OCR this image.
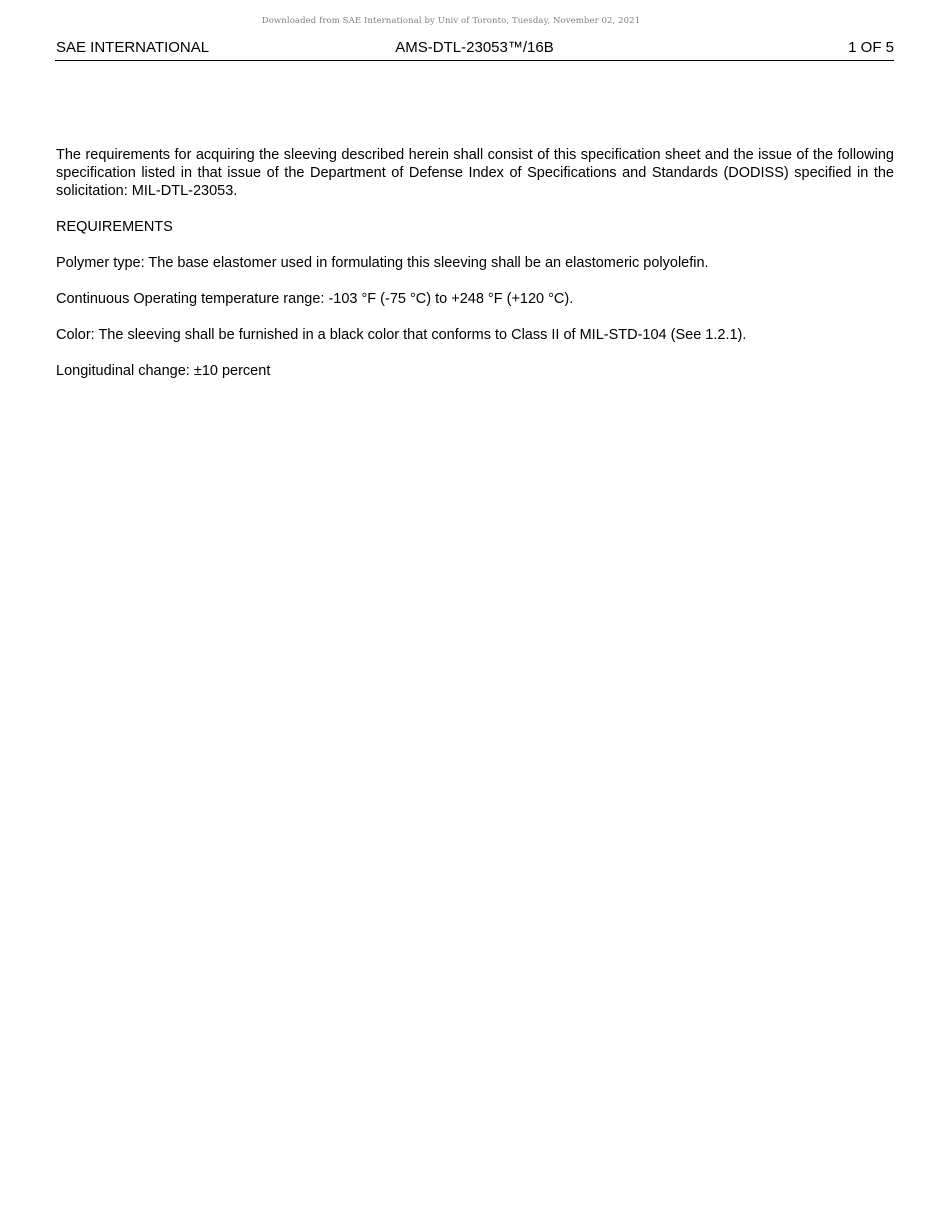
Downloaded from SAE International by Univ of Toronto, Tuesday, November 02, 2021
SAE INTERNATIONAL	AMS-DTL-23053™/16B	1 OF 5

The requirements for acquiring the sleeving described herein shall consist of this specification sheet and the issue of the following specification listed in that issue of the Department of Defense Index of Specifications and Standards (DODISS) specified in the solicitation: MIL-DTL-23053.

REQUIREMENTS

Polymer type: The base elastomer used in formulating this sleeving shall be an elastomeric polyolefin.

Continuous Operating temperature range: -103 °F (-75 °C) to +248 °F (+120 °C).

Color: The sleeving shall be furnished in a black color that conforms to Class II of MIL-STD-104 (See 1.2.1).

Longitudinal change: ±10 percent
